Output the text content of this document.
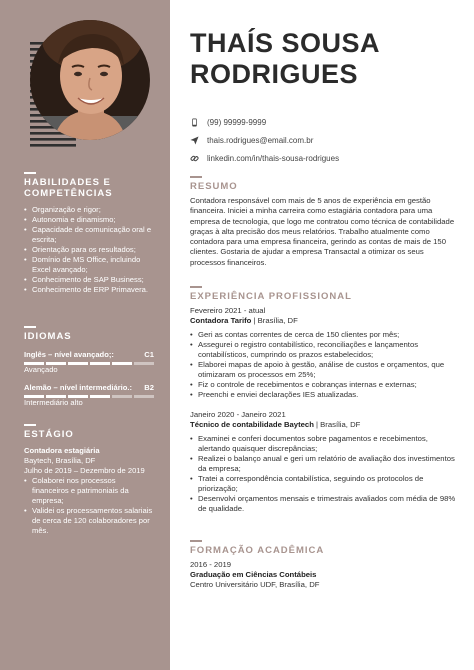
HABILIDADES E COMPETÊNCIAS
• Organização e rigor;
• Autonomia e dinamismo;
• Capacidade de comunicação oral e escrita;
• Orientação para os resultados;
• Domínio de MS Office, incluindo Excel avançado;
• Conhecimento de SAP Business;
• Conhecimento de ERP Primavera.
IDIOMAS
Inglês – nível avançado;:	C1
Avançado
Alemão – nível intermediário.: B2
Intermediário alto
ESTÁGIO
Contadora estagiária
Baytech, Brasília, DF
Julho de 2019 – Dezembro de 2019
• Colaborei nos processos financeiros e patrimoniais da empresa;
• Validei os processamentos salariais de cerca de 120 colaboradores por mês.
THAÍS SOUSA
RODRIGUES
(99) 99999-9999
thais.rodrigues@email.com.br
linkedin.com/in/thais-sousa-rodrigues
RESUMO

Contadora responsável com mais de 5 anos de experiência em gestão financeira. Iniciei a minha carreira como estagiária contadora para uma empresa de tecnologia, que logo me contratou como técnica de contabilidade graças à alta precisão dos meus relatórios. Trabalho atualmente como contadora para uma empresa financeira, gerindo as contas de mais de 150 clientes. Gostaria de ajudar a empresa Transactal a otimizar os seus processos financeiros.

EXPERIÊNCIA PROFISSIONAL
Fevereiro 2021 - atual
Contadora Tarifo | Brasília, DF
• Geri as contas correntes de cerca de 150 clientes por mês;
• Assegurei o registro contabilístico, reconciliações e lançamentos contabilísticos, cumprindo os prazos estabelecidos;
• Elaborei mapas de apoio à gestão, análise de custos e orçamentos, que otimizaram os processos em 25%;
• Fiz o controle de recebimentos e cobranças internas e externas;
• Preenchi e enviei declarações IES atualizadas.
Janeiro 2020 - Janeiro 2021
Técnico de contabilidade Baytech | Brasília, DF
• Examinei e conferi documentos sobre pagamentos e recebimentos, alertando quaisquer discrepâncias;
• Realizei o balanço anual e geri um relatório de avaliação dos investimentos da empresa;
• Tratei a correspondência contabilística, seguindo os protocolos de priorização;
• Desenvolvi orçamentos mensais e trimestrais avaliados com média de 98% de qualidade.
FORMAÇÃO ACADÊMICA
2016 - 2019
Graduação em Ciências Contábeis
Centro Universitário UDF, Brasília, DF
